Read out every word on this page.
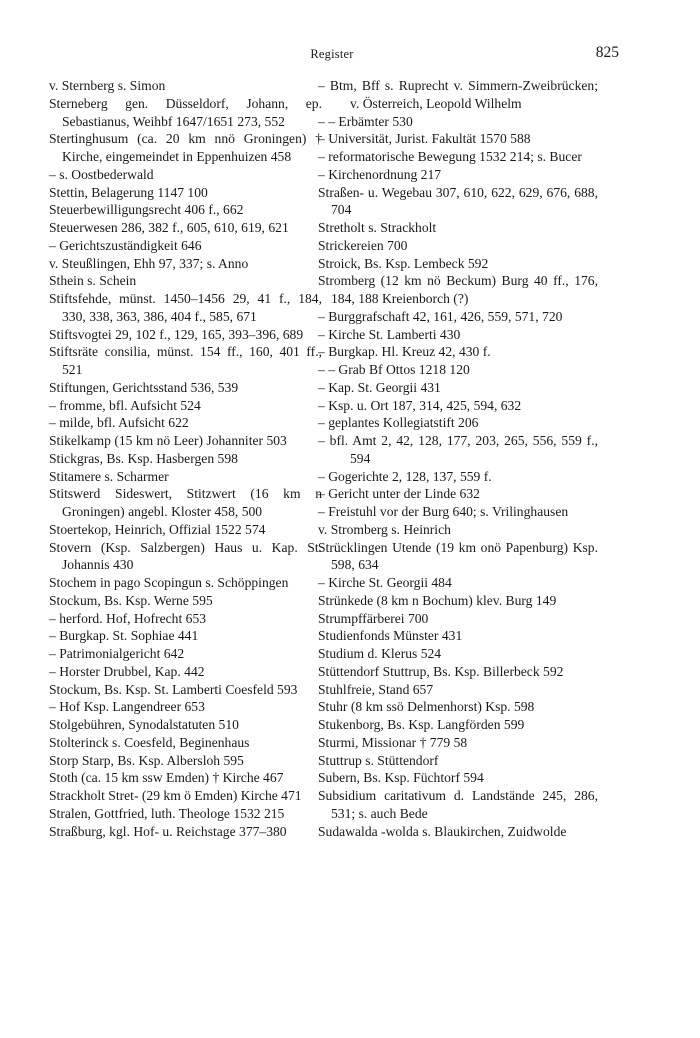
Register	825
v. Sternberg s. Simon
Sterneberg gen. Düsseldorf, Johann, ep. Sebastianus, Weihbf 1647/1651 273, 552
Stertinghusum (ca. 20 km nnö Groningen) † Kirche, eingemeindet in Eppenhuizen 458
– s. Oostbederwald
Stettin, Belagerung 1147 100
Steuerbewilligungsrecht 406 f., 662
Steuerwesen 286, 382 f., 605, 610, 619, 621
– Gerichtszuständigkeit 646
v. Steußlingen, Ehh 97, 337; s. Anno
Sthein s. Schein
Stiftsfehde, münst. 1450–1456 29, 41 f., 184, 330, 338, 363, 386, 404 f., 585, 671
Stiftsvogtei 29, 102 f., 129, 165, 393–396, 689
Stiftsräte consilia, münst. 154 ff., 160, 401 ff., 521
Stiftungen, Gerichtsstand 536, 539
– fromme, bfl. Aufsicht 524
– milde, bfl. Aufsicht 622
Stikelkamp (15 km nö Leer) Johanniter 503
Stickgras, Bs. Ksp. Hasbergen 598
Stitamere s. Scharmer
Stitswerd Sideswert, Stitzwert (16 km n Groningen) angebl. Kloster 458, 500
Stoertekop, Heinrich, Offizial 1522 574
Stovern (Ksp. Salzbergen) Haus u. Kap. St. Johannis 430
Stochem in pago Scopingun s. Schöppingen
Stockum, Bs. Ksp. Werne 595
– herford. Hof, Hofrecht 653
– Burgkap. St. Sophiae 441
– Patrimonialgericht 642
– Horster Drubbel, Kap. 442
Stockum, Bs. Ksp. St. Lamberti Coesfeld 593
– Hof Ksp. Langendreer 653
Stolgebühren, Synodalstatuten 510
Stolterinck s. Coesfeld, Beginenhaus
Storp Starp, Bs. Ksp. Albersloh 595
Stoth (ca. 15 km ssw Emden) † Kirche 467
Strackholt Stret- (29 km ö Emden) Kirche 471
Stralen, Gottfried, luth. Theologe 1532 215
Straßburg, kgl. Hof- u. Reichstage 377–380
– Btm, Bff s. Ruprecht v. Simmern-Zweibrücken; v. Österreich, Leopold Wilhelm
– – Erbämter 530
– Universität, Jurist. Fakultät 1570 588
– reformatorische Bewegung 1532 214; s. Bucer
– Kirchenordnung 217
Straßen- u. Wegebau 307, 610, 622, 629, 676, 688, 704
Stretholt s. Strackholt
Strickereien 700
Stroick, Bs. Ksp. Lembeck 592
Stromberg (12 km nö Beckum) Burg 40 ff., 176, 184, 188 Kreienborch (?)
– Burggrafschaft 42, 161, 426, 559, 571, 720
– Kirche St. Lamberti 430
– Burgkap. Hl. Kreuz 42, 430 f.
– – Grab Bf Ottos 1218 120
– Kap. St. Georgii 431
– Ksp. u. Ort 187, 314, 425, 594, 632
– geplantes Kollegiatstift 206
– bfl. Amt 2, 42, 128, 177, 203, 265, 556, 559 f., 594
– Gogerichte 2, 128, 137, 559 f.
– Gericht unter der Linde 632
– Freistuhl vor der Burg 640; s. Vrilinghausen
v. Stromberg s. Heinrich
Strücklingen Utende (19 km onö Papenburg) Ksp. 598, 634
– Kirche St. Georgii 484
Strünkede (8 km n Bochum) klev. Burg 149
Strumpffärberei 700
Studienfonds Münster 431
Studium d. Klerus 524
Stüttendorf Stuttrup, Bs. Ksp. Billerbeck 592
Stuhlfreie, Stand 657
Stuhr (8 km ssö Delmenhorst) Ksp. 598
Stukenborg, Bs. Ksp. Langförden 599
Sturmi, Missionar † 779 58
Stuttrup s. Stüttendorf
Subern, Bs. Ksp. Füchtorf 594
Subsidium caritativum d. Landstände 245, 286, 531; s. auch Bede
Sudawalda -wolda s. Blaukirchen, Zuidwolde
